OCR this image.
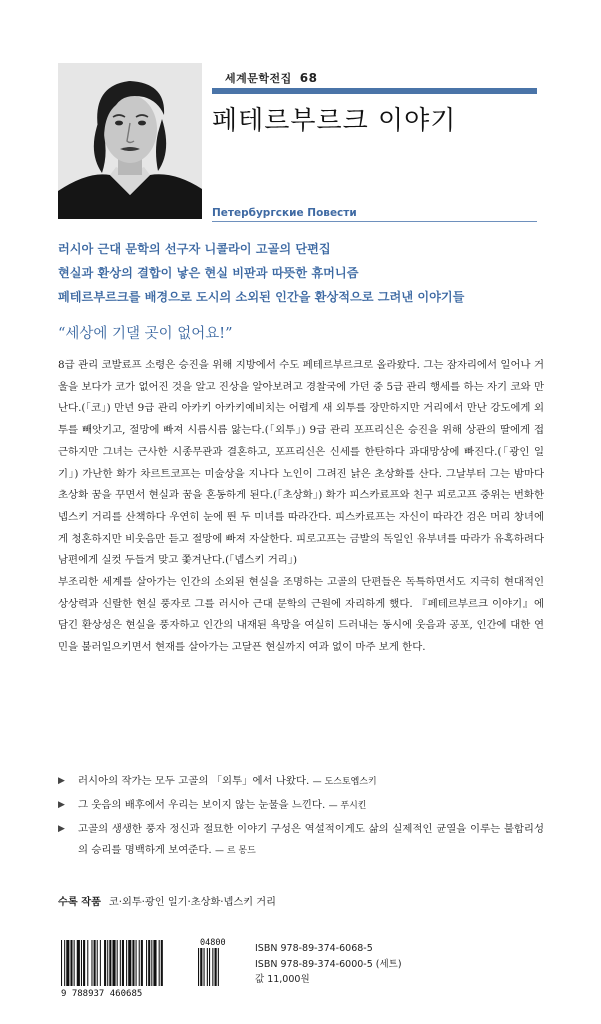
세계문학전집 68
페테르부르크 이야기
Петербургские Повести
러시아 근대 문학의 선구자 니콜라이 고골의 단편집
현실과 환상의 결합이 낳은 현실 비판과 따뜻한 휴머니즘
페테르부르크를 배경으로 도시의 소외된 인간을 환상적으로 그려낸 이야기들
“세상에 기댈 곳이 없어요!”

8급 관리 코발료프 소령은 승진을 위해 지방에서 수도 페테르부르크로 올라왔다. 그는 잠자리에서 일어나 거울을 보다가 코가 없어진 것을 알고 진상을 알아보려고 경찰국에 가던 중 5급 관리 행세를 하는 자기 코와 만난다.(「코」) 만년 9급 관리 아카키 아카키예비치는 어렵게 새 외투를 장만하지만 거리에서 만난 강도에게 외투를 빼앗기고, 절망에 빠져 시름시름 앓는다.(「외투」) 9급 관리 포프리신은 승진을 위해 상관의 딸에게 접근하지만 그녀는 근사한 시종무관과 결혼하고, 포프리신은 신세를 한탄하다 과대망상에 빠진다.(「광인 일기」) 가난한 화가 차르트코프는 미술상을 지나다 노인이 그려진 낡은 초상화를 산다. 그날부터 그는 밤마다 초상화 꿈을 꾸면서 현실과 꿈을 혼동하게 된다.(「초상화」) 화가 피스카료프와 친구 피로고프 중위는 번화한 넵스키 거리를 산책하다 우연히 눈에 띈 두 미녀를 따라간다. 피스카료프는 자신이 따라간 검은 머리 창녀에게 청혼하지만 비웃음만 듣고 절망에 빠져 자살한다. 피로고프는 금발의 독일인 유부녀를 따라가 유혹하려다 남편에게 실컷 두들겨 맞고 쫓겨난다.(「넵스키 거리」)

부조리한 세계를 살아가는 인간의 소외된 현실을 조명하는 고골의 단편들은 독특하면서도 지극히 현대적인 상상력과 신랄한 현실 풍자로 그를 러시아 근대 문학의 근원에 자리하게 했다. 『페테르부르크 이야기』에 담긴 환상성은 현실을 풍자하고 인간의 내재된 욕망을 여실히 드러내는 동시에 웃음과 공포, 인간에 대한 연민을 불러일으키면서 현재를 살아가는 고달픈 현실까지 여과 없이 마주 보게 한다.

▶ 러시아의 작가는 모두 고골의 「외투」에서 나왔다. — 도스토옙스키
▶ 그 웃음의 배후에서 우리는 보이지 않는 눈물을 느낀다. — 푸시킨
▶ 고골의 생생한 풍자 정신과 절묘한 이야기 구성은 역설적이게도 삶의 실제적인 균열을 이루는 불합리성의 승리를 명백하게 보여준다. — 르 몽드
수록 작품 코·외투·광인 일기·초상화·넵스키 거리
9 788937 460685
04800	ISBN 978-89-374-6068-5
ISBN 978-89-374-6000-5 (세트)
값 11,000원
